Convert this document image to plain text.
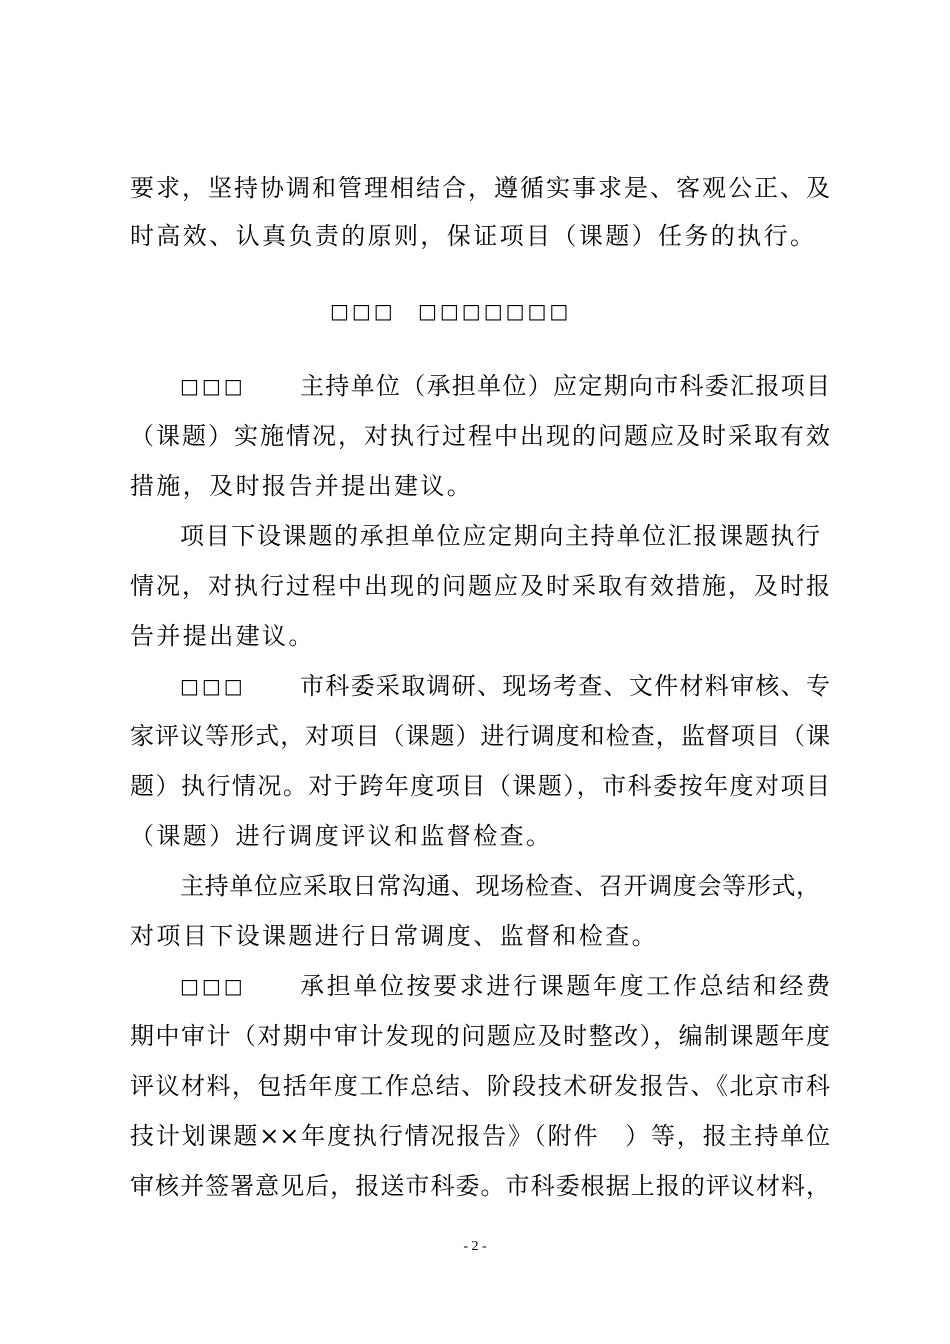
要求，坚持协调和管理相结合，遵循实事求是、客观公正、及
时高效、认真负责的原则，保证项目（课题）任务的执行。
□□□ □□□□□□□
□□□ 主持单位（承担单位）应定期向市科委汇报项目
（课题）实施情况，对执行过程中出现的问题应及时采取有效
措施，及时报告并提出建议。
项目下设课题的承担单位应定期向主持单位汇报课题执行
情况，对执行过程中出现的问题应及时采取有效措施，及时报
告并提出建议。
□□□ 市科委采取调研、现场考查、文件材料审核、专
家评议等形式，对项目（课题）进行调度和检查，监督项目（课
题）执行情况。对于跨年度项目（课题），市科委按年度对项目
（课题）进行调度评议和监督检查。
主持单位应采取日常沟通、现场检查、召开调度会等形式，
对项目下设课题进行日常调度、监督和检查。
□□□ 承担单位按要求进行课题年度工作总结和经费
期中审计（对期中审计发现的问题应及时整改），编制课题年度
评议材料，包括年度工作总结、阶段技术研发报告、《北京市科
技计划课题××年度执行情况报告》（附件　）等，报主持单位
审核并签署意见后，报送市科委。市科委根据上报的评议材料，
- 2 -
